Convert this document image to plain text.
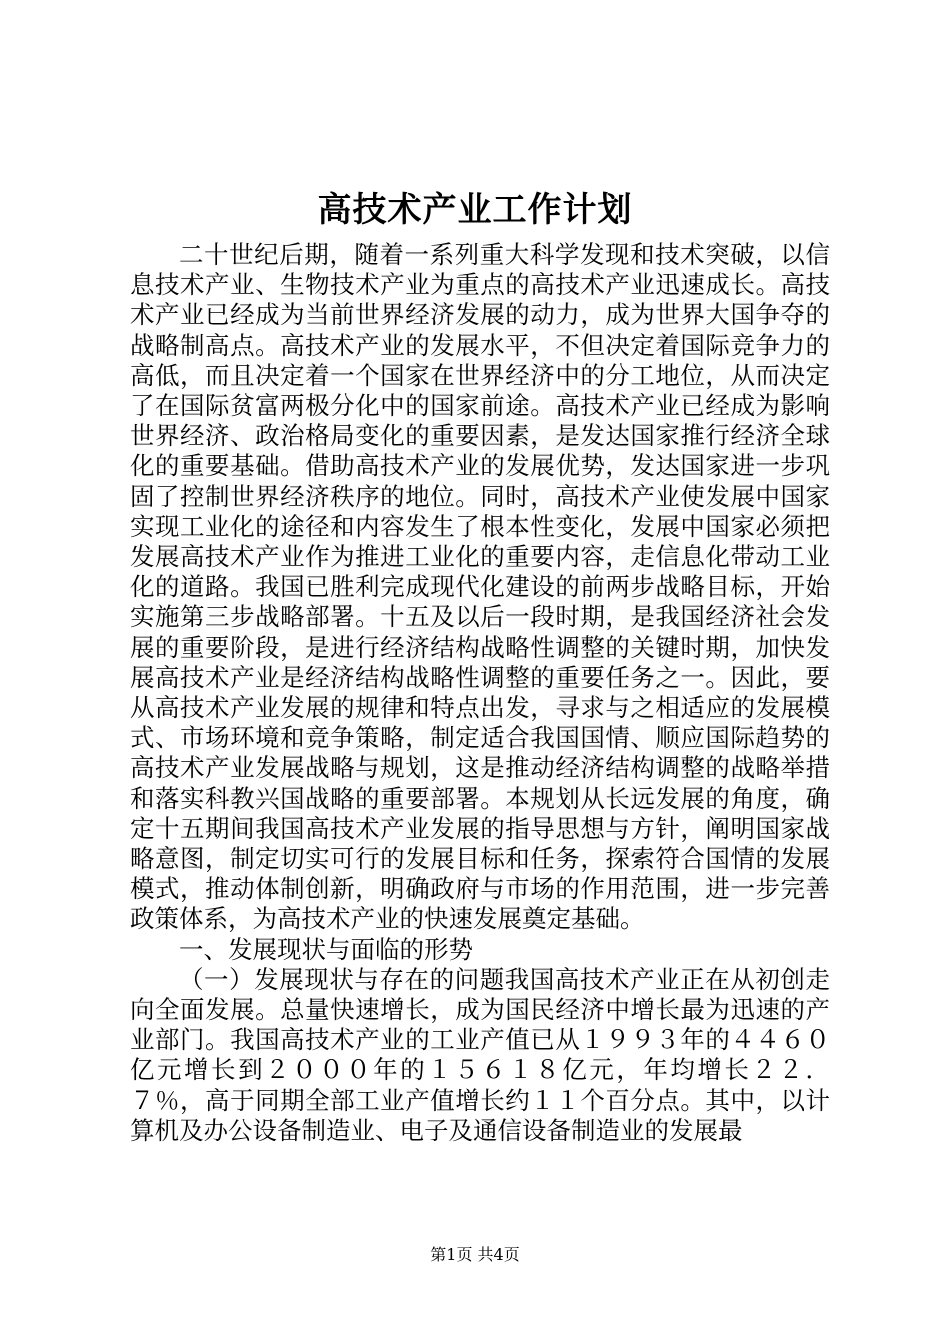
高技术产业工作计划

二十世纪后期，随着一系列重大科学发现和技术突破，以信息技术产业、生物技术产业为重点的高技术产业迅速成长。高技术产业已经成为当前世界经济发展的动力，成为世界大国争夺的战略制高点。高技术产业的发展水平，不但决定着国际竞争力的高低，而且决定着一个国家在世界经济中的分工地位，从而决定了在国际贫富两极分化中的国家前途。高技术产业已经成为影响世界经济、政治格局变化的重要因素，是发达国家推行经济全球化的重要基础。借助高技术产业的发展优势，发达国家进一步巩固了控制世界经济秩序的地位。同时，高技术产业使发展中国家实现工业化的途径和内容发生了根本性变化，发展中国家必须把发展高技术产业作为推进工业化的重要内容，走信息化带动工业化的道路。我国已胜利完成现代化建设的前两步战略目标，开始实施第三步战略部署。十五及以后一段时期，是我国经济社会发展的重要阶段，是进行经济结构战略性调整的关键时期，加快发展高技术产业是经济结构战略性调整的重要任务之一。因此，要从高技术产业发展的规律和特点出发，寻求与之相适应的发展模式、市场环境和竞争策略，制定适合我国国情、顺应国际趋势的高技术产业发展战略与规划，这是推动经济结构调整的战略举措和落实科教兴国战略的重要部署。本规划从长远发展的角度，确定十五期间我国高技术产业发展的指导思想与方针，阐明国家战略意图，制定切实可行的发展目标和任务，探索符合国情的发展模式，推动体制创新，明确政府与市场的作用范围，进一步完善政策体系，为高技术产业的快速发展奠定基础。

一、发展现状与面临的形势

（一）发展现状与存在的问题我国高技术产业正在从初创走向全面发展。总量快速增长，成为国民经济中增长最为迅速的产业部门。我国高技术产业的工业产值已从１９９３年的４４６０亿元增长到２０００年的１５６１８亿元，年均增长２２．７％，高于同期全部工业产值增长约１１个百分点。其中，以计算机及办公设备制造业、电子及通信设备制造业的发展最

第1页 共4页
